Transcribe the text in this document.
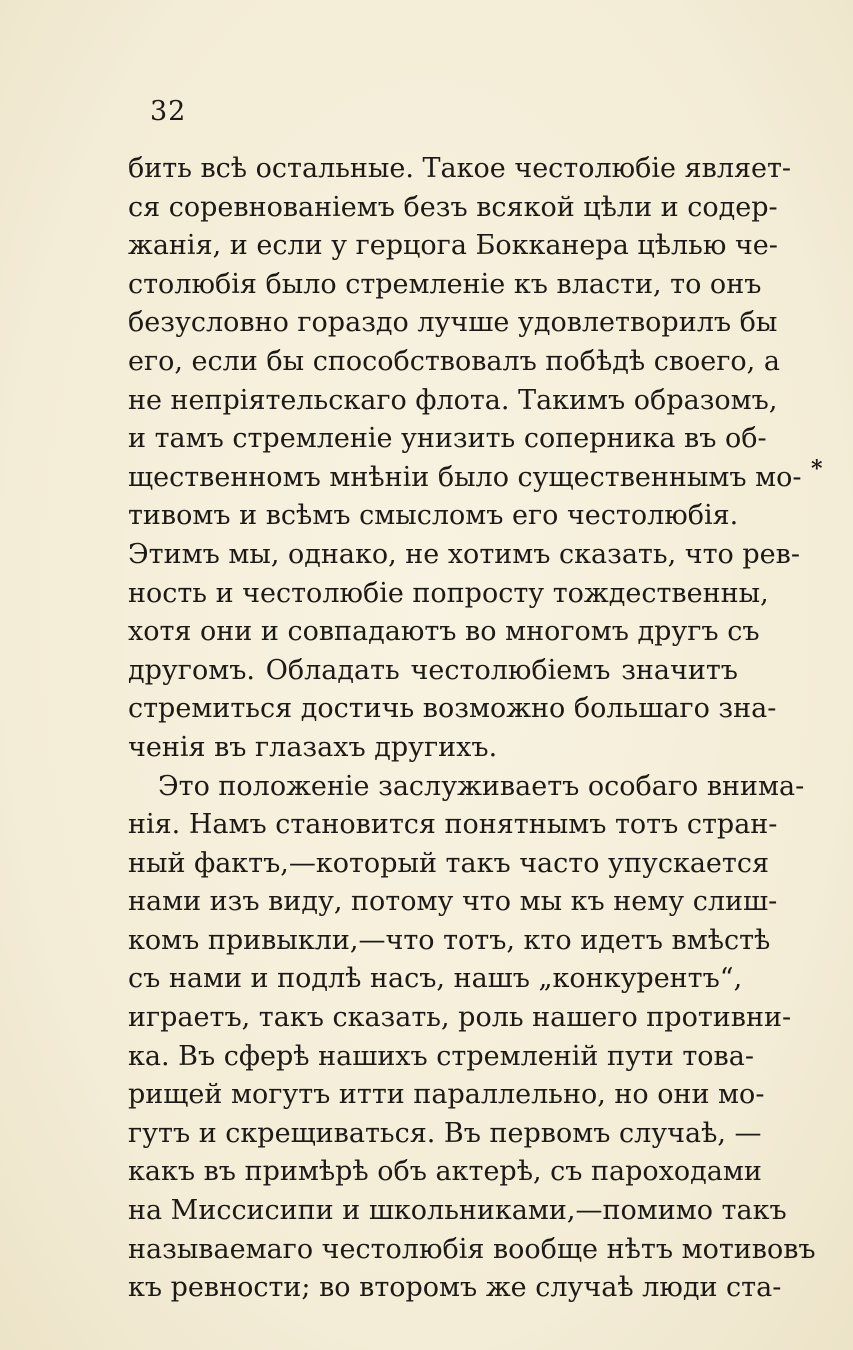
32
бить всѣ остальные. Такое честолюбіе являет-
ся соревнованіемъ безъ всякой цѣли и содер-
жанія, и если у герцога Бокканера цѣлью че-
столюбія было стремленіе къ власти, то онъ
безусловно гораздо лучше удовлетворилъ бы
его, если бы способствовалъ побѣдѣ своего, а
не непріятельскаго флота. Такимъ образомъ,
и тамъ стремленіе унизить соперника въ об-
щественномъ мнѣніи было существеннымъ мо-
тивомъ и всѣмъ смысломъ его честолюбія.
Этимъ мы, однако, не хотимъ сказать, что рев-
ность и честолюбіе попросту тождественны,
хотя они и совпадаютъ во многомъ другъ съ
другомъ. Обладать честолюбіемъ значитъ
стремиться достичь возможно большаго зна-
ченія въ глазахъ другихъ.
Это положеніе заслуживаетъ особаго внима-
нія. Намъ становится понятнымъ тотъ стран-
ный фактъ,—который такъ часто упускается
нами изъ виду, потому что мы къ нему слиш-
комъ привыкли,—что тотъ, кто идетъ вмѣстѣ
съ нами и подлѣ насъ, нашъ „конкурентъ“,
играетъ, такъ сказать, роль нашего противни-
ка. Въ сферѣ нашихъ стремленій пути това-
рищей могутъ итти параллельно, но они мо-
гутъ и скрещиваться. Въ первомъ случаѣ, —
какъ въ примѣрѣ объ актерѣ, съ пароходами
на Миссисипи и школьниками,—помимо такъ
называемаго честолюбія вообще нѣтъ мотивовъ
къ ревности; во второмъ же случаѣ люди ста-
*
